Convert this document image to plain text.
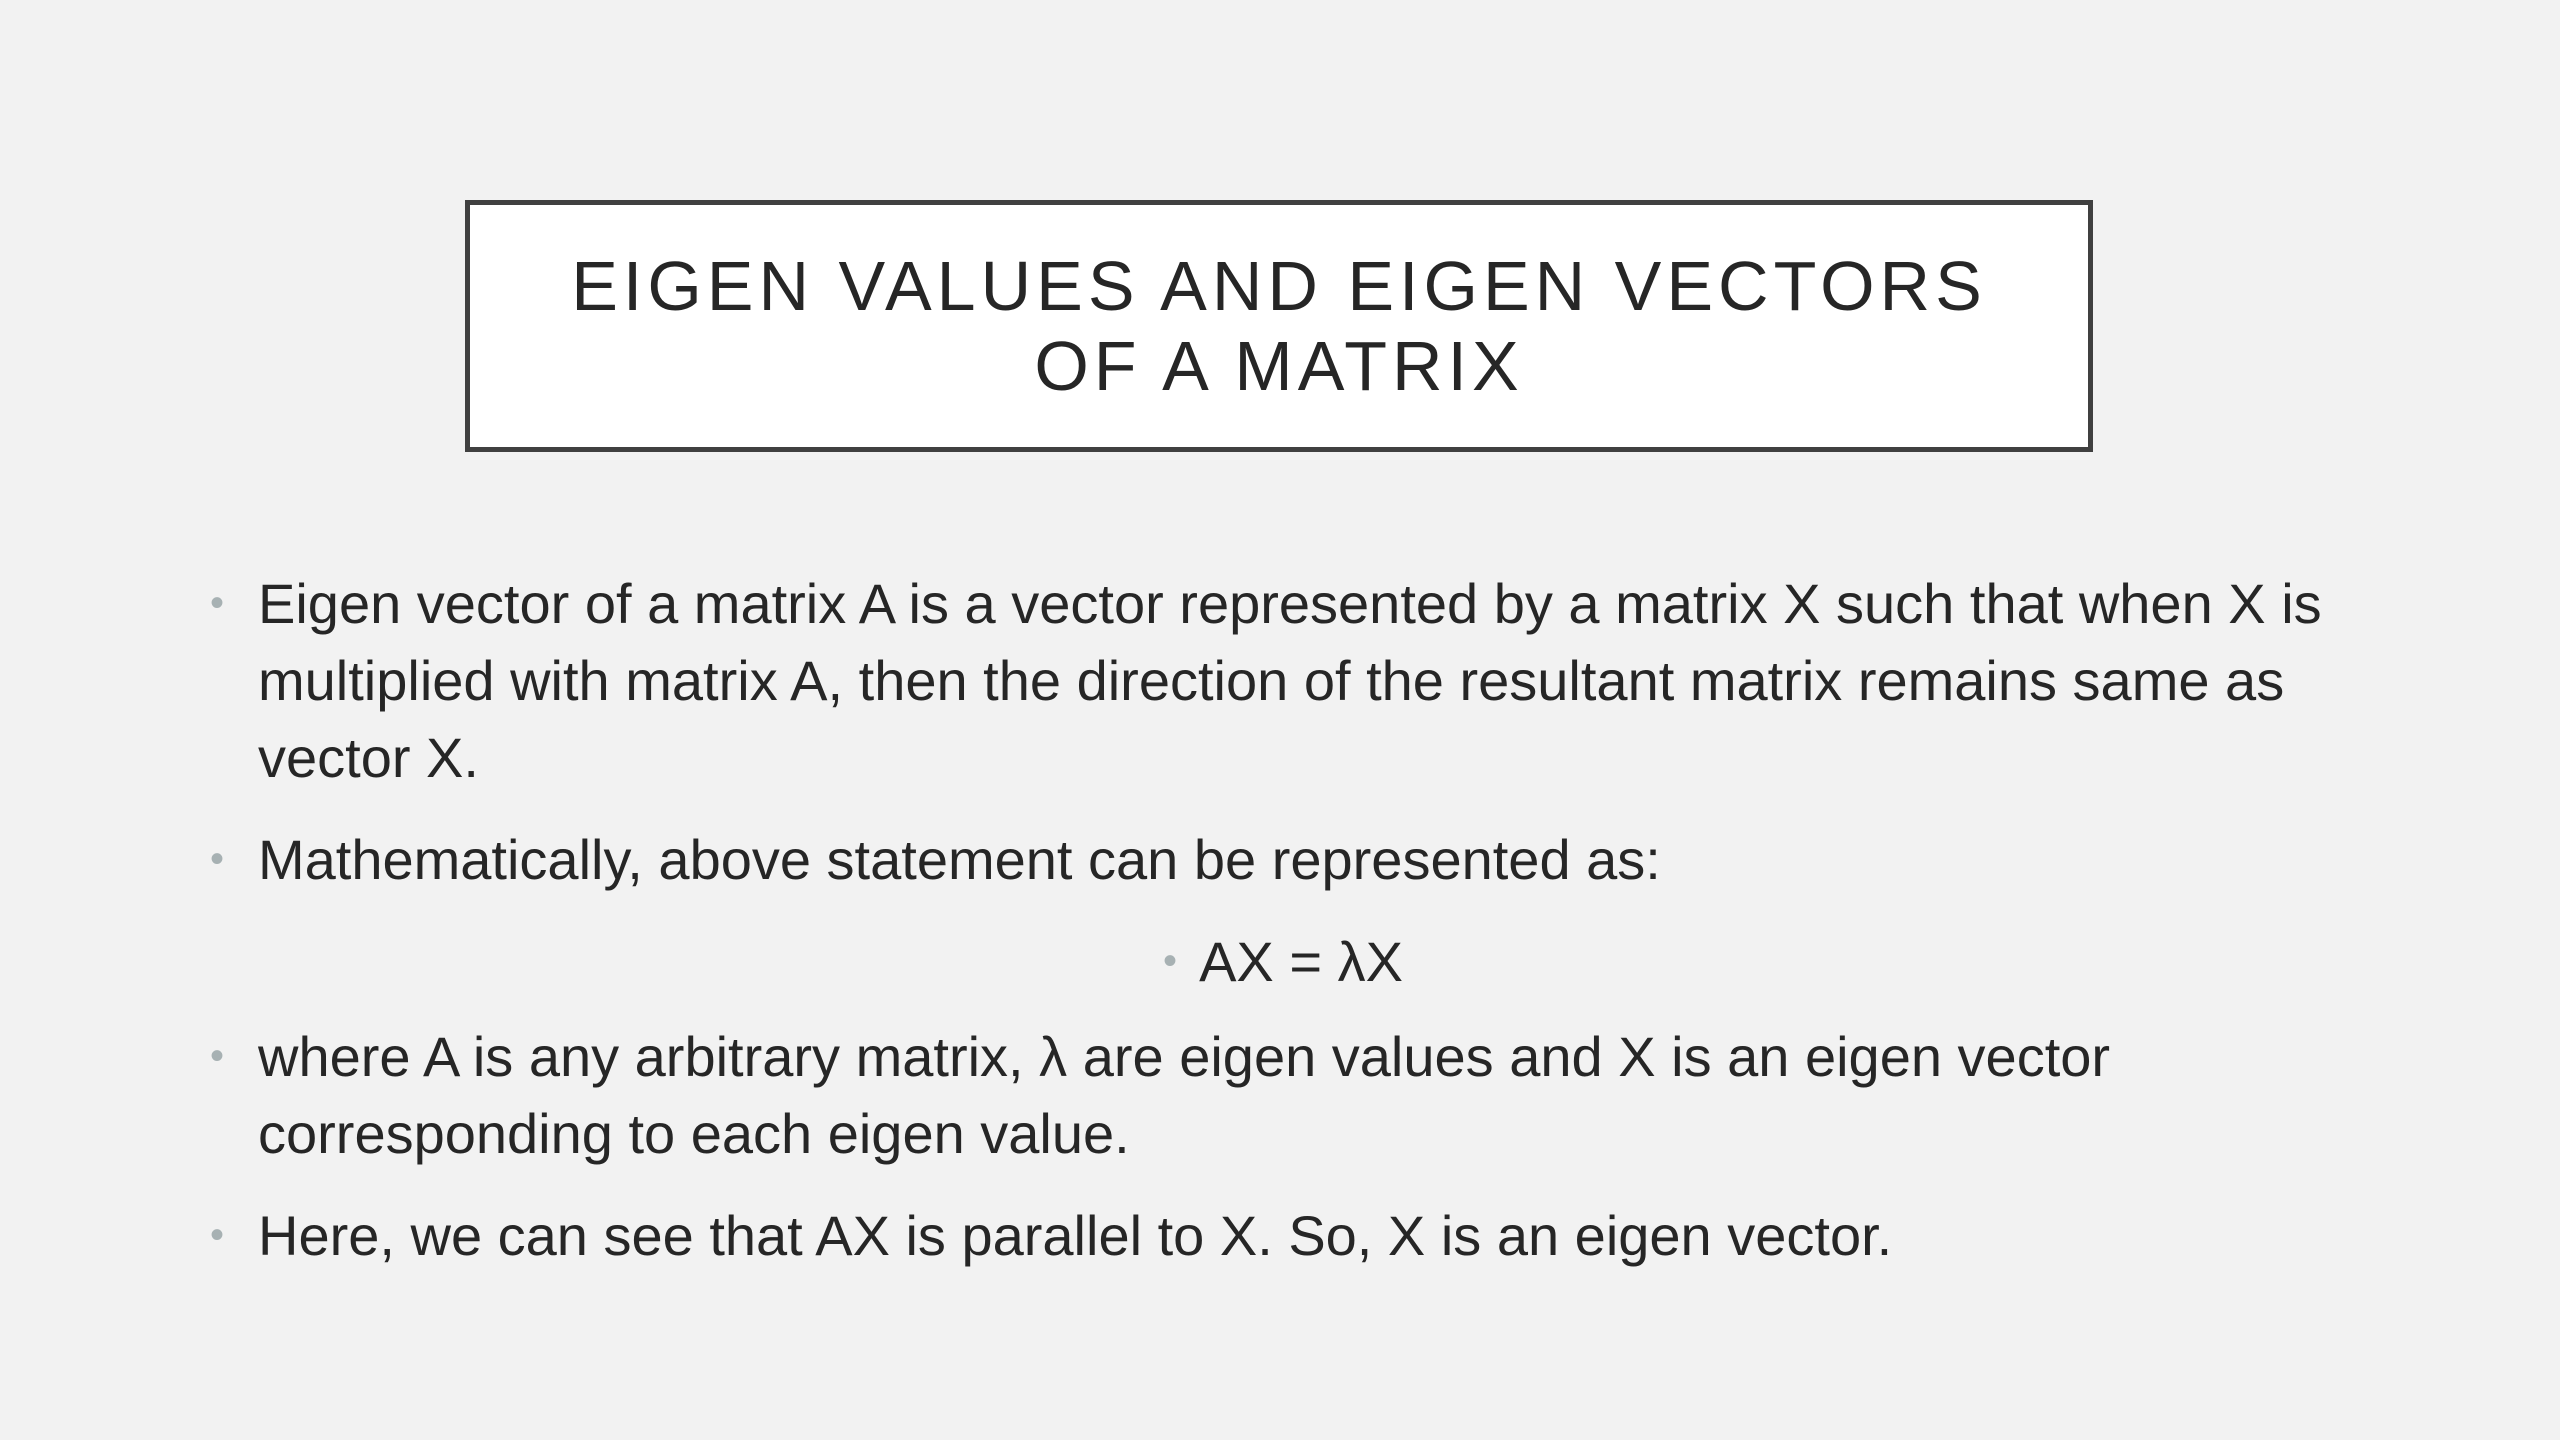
EIGEN VALUES AND EIGEN VECTORS OF A MATRIX
• Eigen vector of a matrix A is a vector represented by a matrix X such that when X is multiplied with matrix A, then the direction of the resultant matrix remains same as vector X.
• Mathematically, above statement can be represented as:
• AX = λX
• where A is any arbitrary matrix, λ are eigen values and X is an eigen vector corresponding to each eigen value.
• Here, we can see that AX is parallel to X. So, X is an eigen vector.
